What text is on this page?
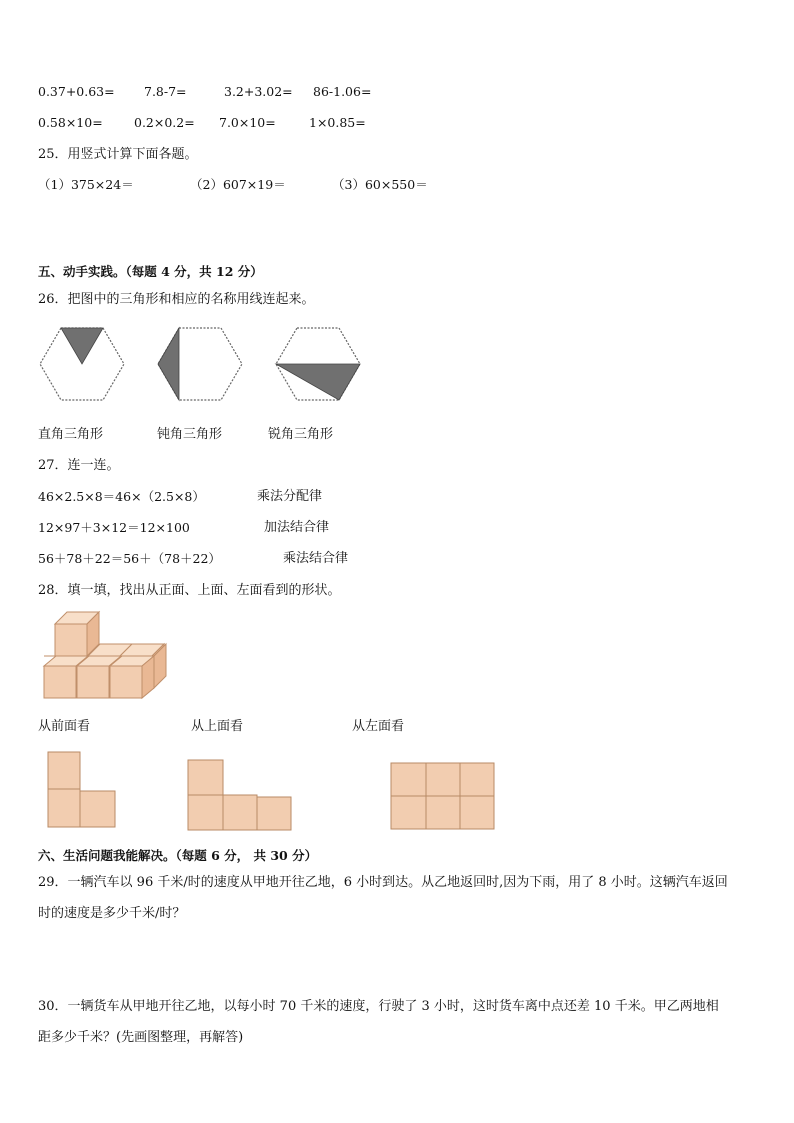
0.37+0.63= 7.8-7=	3.2+3.02= 86-1.06=
0.58×10=	0.2×0.2= 7.0×10=	1×0.85=
25．用竖式计算下面各题。
（1）375×24＝	（2）607×19＝	（3）60×550＝
五、动手实践。（每题 4 分，共 12 分）
26．把图中的三角形和相应的名称用线连起来。
直角三角形	钝角三角形	锐角三角形
27．连一连。
46×2.5×8＝46×（2.5×8）	乘法分配律
12×97＋3×12＝12×100	加法结合律
56＋78＋22＝56＋（78＋22）	乘法结合律
28．填一填，找出从正面、上面、左面看到的形状。
从前面看	从上面看	从左面看
六、生活问题我能解决。（每题 6 分， 共 30 分）
29．一辆汽车以 96 千米/时的速度从甲地开往乙地，6 小时到达。从乙地返回时,因为下雨，用了 8 小时。这辆汽车返回
时的速度是多少千米/时？
30．一辆货车从甲地开往乙地，以每小时 70 千米的速度，行驶了 3 小时，这时货车离中点还差 10 千米。甲乙两地相
距多少千米？(先画图整理，再解答)
